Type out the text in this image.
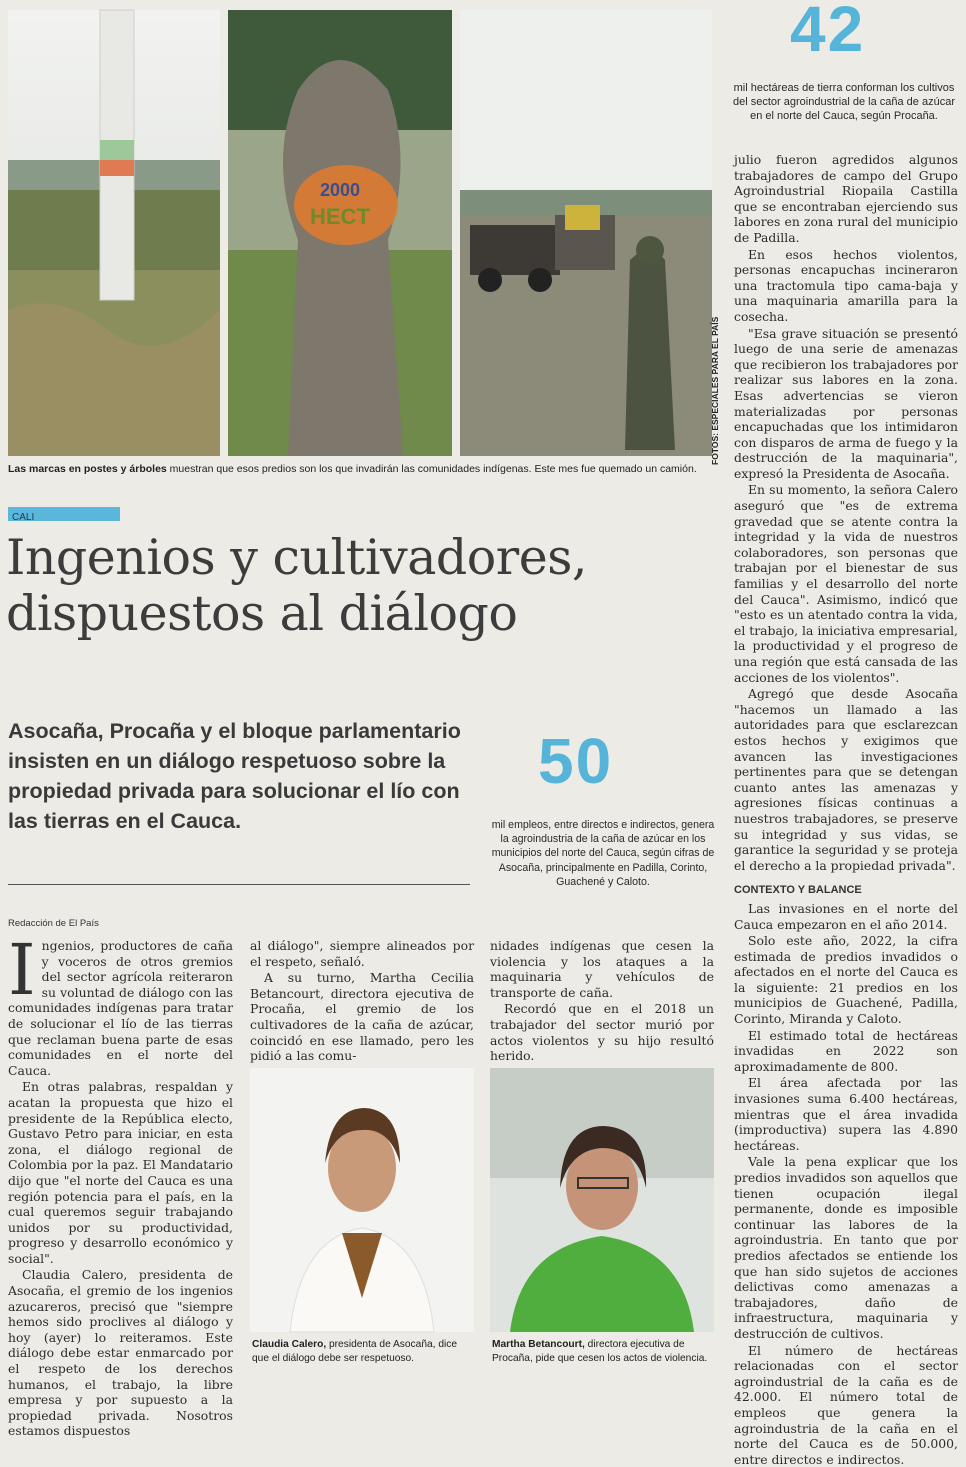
2000
HECT
FOTOS: ESPECIALES PARA EL PAÍS
Las marcas en postes y árboles muestran que esos predios son los que invadirán las comunidades indígenas. Este mes fue quemado un camión.
42
mil hectáreas de tierra conforman los cultivos del sector agroindustrial de la caña de azúcar en el norte del Cauca, según Procaña.
CALI
Ingenios y cultivadores,
dispuestos al diálogo
Asocaña, Procaña y el bloque parlamentario insisten en un diálogo respetuoso sobre la propiedad privada para solucionar el lío con las tierras en el Cauca.
50
mil empleos, entre directos e indirectos, genera la agroindustria de la caña de azúcar en los municipios del norte del Cauca, según cifras de Asocaña, principalmente en Padilla, Corinto, Guachené y Caloto.
Redacción de El País

Ingenios, productores de caña y voceros de otros gremios del sector agrícola reiteraron su voluntad de diálogo con las comunidades indígenas para tratar de solucionar el lío de las tierras que reclaman buena parte de esas comunidades en el norte del Cauca.

En otras palabras, respaldan y acatan la propuesta que hizo el presidente de la República electo, Gustavo Petro para iniciar, en esta zona, el diálogo regional de Colombia por la paz. El Mandatario dijo que "el norte del Cauca es una región potencia para el país, en la cual queremos seguir trabajando unidos por su productividad, progreso y desarrollo económico y social".

Claudia Calero, presidenta de Asocaña, el gremio de los ingenios azucareros, precisó que "siempre hemos sido proclives al diálogo y hoy (ayer) lo reiteramos. Este diálogo debe estar enmarcado por el respeto de los derechos humanos, el trabajo, la libre empresa y por supuesto a la propiedad privada. Nosotros estamos dispuestos

al diálogo", siempre alineados por el respeto, señaló.

A su turno, Martha Cecilia Betancourt, directora ejecutiva de Procaña, el gremio de los cultivadores de la caña de azúcar, coincidó en ese llamado, pero les pidió a las comu-

nidades indígenas que cesen la violencia y los ataques a la maquinaria y vehículos de transporte de caña.

Recordó que en el 2018 un trabajador del sector murió por actos violentos y su hijo resultó herido.

Claudia Calero, presidenta de Asocaña, dice que el diálogo debe ser respetuoso.
Martha Betancourt, directora ejecutiva de Procaña, pide que cesen los actos de violencia.

julio fueron agredidos algunos trabajadores de campo del Grupo Agroindustrial Riopaila Castilla que se encontraban ejerciendo sus labores en zona rural del municipio de Padilla.

En esos hechos violentos, personas encapuchas incineraron una tractomula tipo cama-baja y una maquinaria amarilla para la cosecha.

"Esa grave situación se presentó luego de una serie de amenazas que recibieron los trabajadores por realizar sus labores en la zona. Esas advertencias se vieron materializadas por personas encapuchadas que los intimidaron con disparos de arma de fuego y la destrucción de la maquinaria", expresó la Presidenta de Asocaña.

En su momento, la señora Calero aseguró que "es de extrema gravedad que se atente contra la integridad y la vida de nuestros colaboradores, son personas que trabajan por el bienestar de sus familias y el desarrollo del norte del Cauca". Asimismo, indicó que "esto es un atentado contra la vida, el trabajo, la iniciativa empresarial, la productividad y el progreso de una región que está cansada de las acciones de los violentos".

Agregó que desde Asocaña "hacemos un llamado a las autoridades para que esclarezcan estos hechos y exigimos que avancen las investigaciones pertinentes para que se detengan cuanto antes las amenazas y agresiones físicas continuas a nuestros trabajadores, se preserve su integridad y sus vidas, se garantice la seguridad y se proteja el derecho a la propiedad privada".

CONTEXTO Y BALANCE

Las invasiones en el norte del Cauca empezaron en el año 2014.

Solo este año, 2022, la cifra estimada de predios invadidos o afectados en el norte del Cauca es la siguiente: 21 predios en los municipios de Guachené, Padilla, Corinto, Miranda y Caloto.

El estimado total de hectáreas invadidas en 2022 son aproximadamente de 800.

El área afectada por las invasiones suma 6.400 hectáreas, mientras que el área invadida (improductiva) supera las 4.890 hectáreas.

Vale la pena explicar que los predios invadidos son aquellos que tienen ocupación ilegal permanente, donde es imposible continuar las labores de la agroindustria. En tanto que por predios afectados se entiende los que han sido sujetos de acciones delictivas como amenazas a trabajadores, daño de infraestructura, maquinaria y destrucción de cultivos.

El número de hectáreas relacionadas con el sector agroindustrial de la caña es de 42.000. El número total de empleos que genera la agroindustria de la caña en el norte del Cauca es de 50.000, entre directos e indirectos.
